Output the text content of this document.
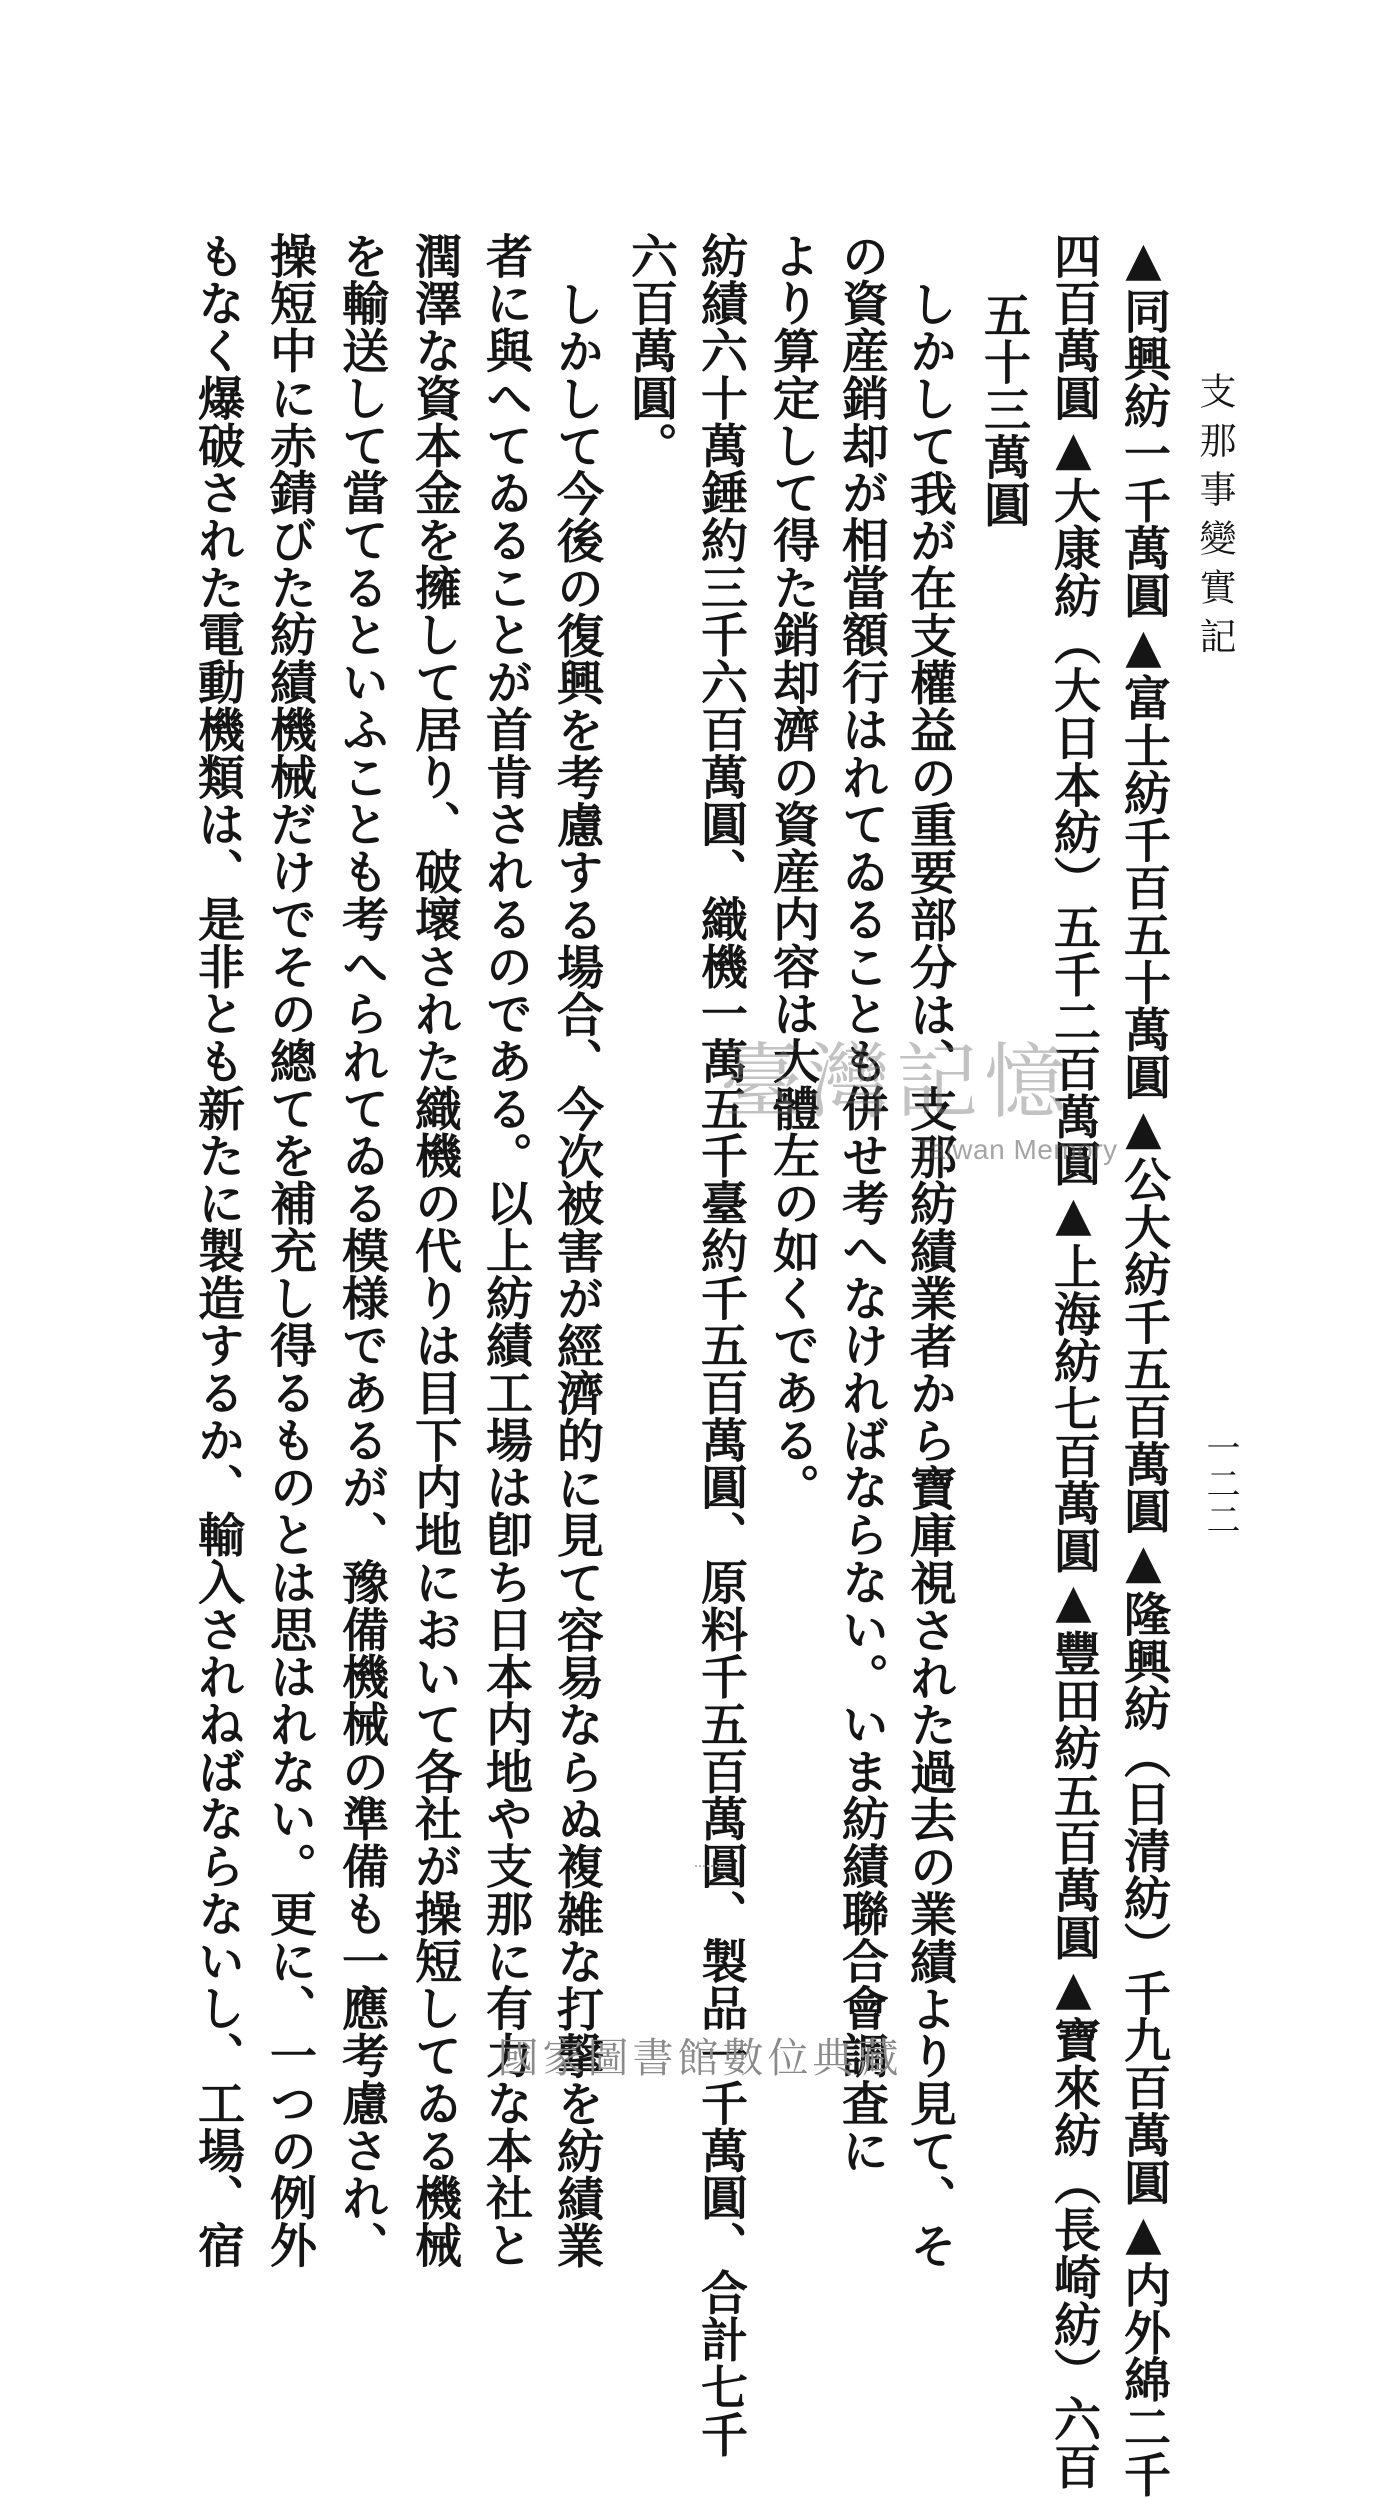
支那事變實記
一二二
▲同興紡一千萬圓▲富士紡千百五十萬圓▲公大紡千五百萬圓▲隆興紡（日清紡）千九百萬圓▲内外綿二千
四百萬圓▲大康紡（大日本紡）五千二百萬圓▲上海紡七百萬圓▲豐田紡五百萬圓▲寶來紡（長崎紡）六百
五十三萬圓
しかして我が在支權益の重要部分は、支那紡績業者から寶庫視された過去の業績より見て、そ
の資産銷却が相當額行はれてゐることも併せ考へなければならない。いま紡績聯合會調査に
より算定して得た銷却濟の資産内容は大體左の如くである。
紡績六十萬錘約三千六百萬圓、織機一萬五千臺約千五百萬圓、原料千五百萬圓、製品一千萬圓、合計七千
六百萬圓。
しかして今後の復興を考慮する場合、今次被害が經濟的に見て容易ならぬ複雑な打撃を紡績業
者に與へてゐることが首肯されるのである。以上紡績工場は卽ち日本内地や支那に有力な本社と
潤澤な資本金を擁して居り、破壞された織機の代りは目下内地において各社が操短してゐる機械
を輸送して當てるといふことも考へられてゐる模様であるが、豫備機械の準備も一應考慮され、
操短中に赤錆びた紡績機械だけでその總てを補充し得るものとは思はれない。更に、一つの例外
もなく爆破された電動機類は、是非とも新たに製造するか、輸入されねばならないし、工場、宿	臺灣記憶
Taiwan Memory
國家圖書館數位典藏
